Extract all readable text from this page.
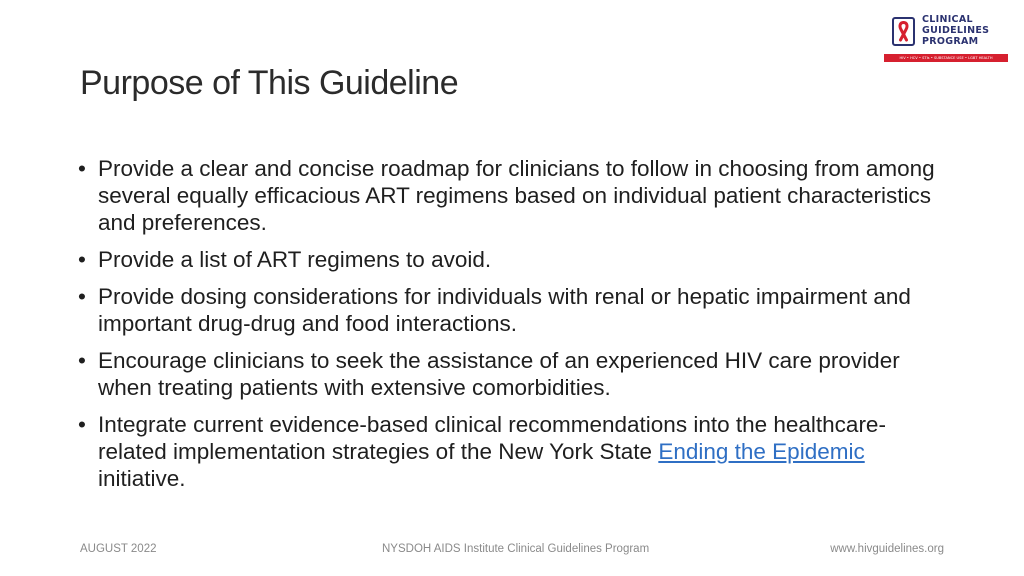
CLINICAL
GUIDELINES
PROGRAM
HIV • HCV • STIs • SUBSTANCE USE • LGBT HEALTH
Purpose of This Guideline
• Provide a clear and concise roadmap for clinicians to follow in choosing from among several equally efficacious ART regimens based on individual patient characteristics and preferences.
• Provide a list of ART regimens to avoid.
• Provide dosing considerations for individuals with renal or hepatic impairment and important drug-drug and food interactions.
• Encourage clinicians to seek the assistance of an experienced HIV care provider when treating patients with extensive comorbidities.
• Integrate current evidence-based clinical recommendations into the healthcare-related implementation strategies of the New York State Ending the Epidemic initiative.
AUGUST 2022	NYSDOH AIDS Institute Clinical Guidelines Program	www.hivguidelines.org
